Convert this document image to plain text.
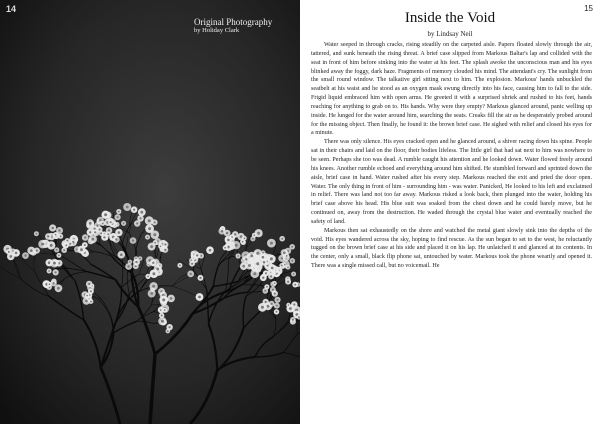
14
Original Photography
by Holiday Clark
15
Inside the Void
by Lindsay Neil

Water seeped in through cracks, rising steadily on the carpeted aisle. Papers floated slowly through the air, tattered, and sunk beneath the rising threat. A brief case slipped from Markous Baltar's lap and collided with the seat in front of him before sinking into the water at his feet. The splash awoke the unconscious man and his eyes blinked away the foggy, dark haze. Fragments of memory clouded his mind. The attendant's cry. The sunlight from the small round window. The talkative girl sitting next to him. The explosion. Markous' hands unbuckled the seatbelt at his waist and he stood as an oxygen mask swung directly into his face, causing him to fall to the side. Frigid liquid embraced him with open arms. He greeted it with a surprised shriek and rushed to his feet, hands reaching for anything to grab on to. His hands. Why were they empty? Markous glanced around, panic welling up inside. He lunged for the water around him, searching the seats. Creaks fill the air as he desperately probed around for the missing object. Then finally, he found it: the brown brief case. He sighed with relief and closed his eyes for a minute.

There was only silence. His eyes cracked open and he glanced around, a shiver racing down his spine. People sat in their chairs and laid on the floor, their bodies lifeless. The little girl that had sat next to him was nowhere to be seen. Perhaps she too was dead. A rumble caught his attention and he looked down. Water flowed freely around his knees. Another rumble echoed and everything around him shifted. He stumbled forward and sprinted down the aisle, brief case in hand. Water rushed after his every step. Markous reached the exit and pried the door open. Water. The only thing in front of him - surrounding him - was water. Panicked, He looked to his left and exclaimed in relief. There was land not too far away. Markous risked a look back, then plunged into the water, holding his brief case above his head. His blue suit was soaked from the chest down and he could barely move, but he continued on, away from the destruction. He waded through the crystal blue water and eventually reached the safety of land.

Markous then sat exhaustedly on the shore and watched the metal giant slowly sink into the depths of the void. His eyes wandered across the sky, hoping to find rescue. As the sun began to set to the west, he reluctantly tugged on the brown brief case at his side and placed it on his lap. He unlatched it and glanced at its contents. In the center, only a small, black flip phone sat, untouched by water. Markous took the phone wearily and opened it. There was a single missed call, but no voicemail. He
